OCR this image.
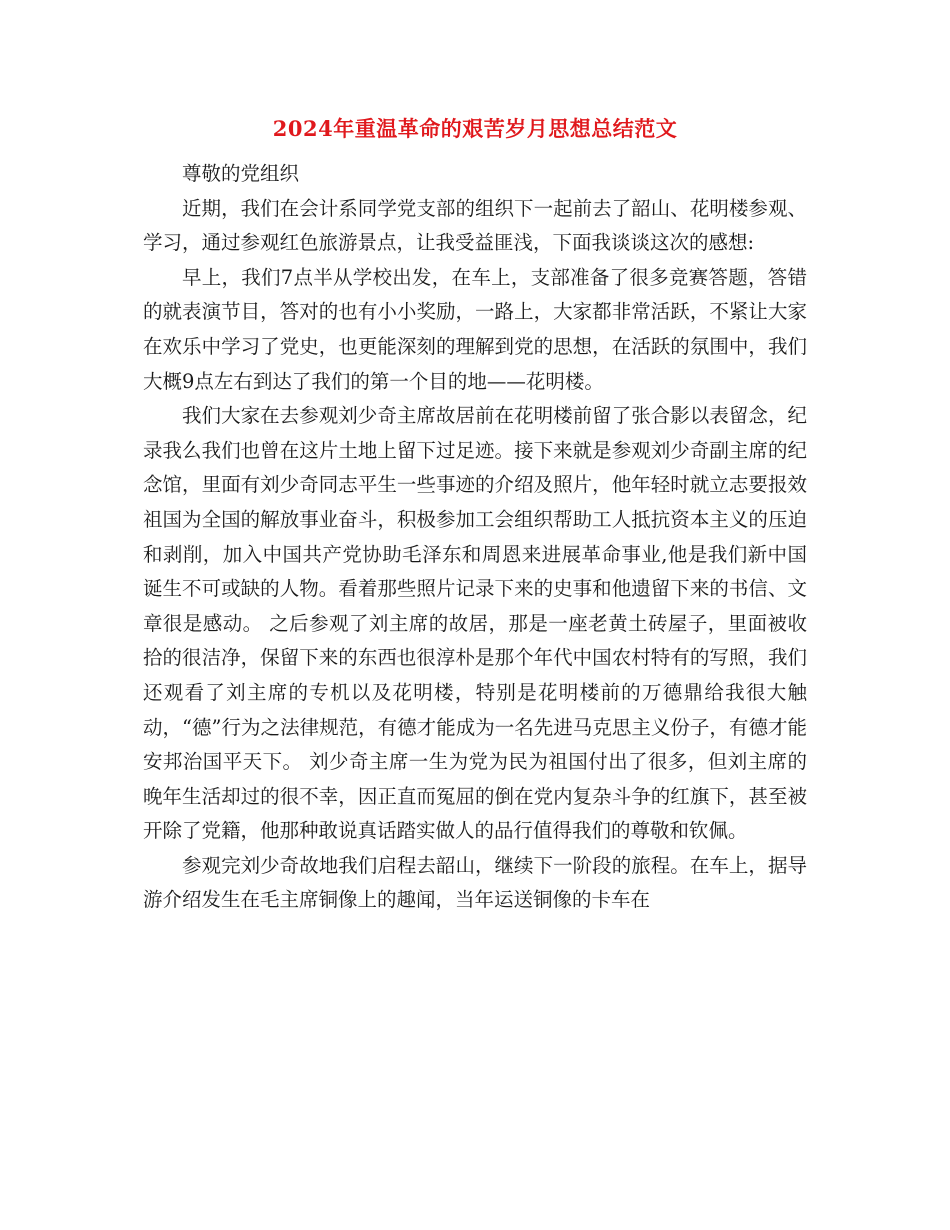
2024年重温革命的艰苦岁月思想总结范文

尊敬的党组织

近期，我们在会计系同学党支部的组织下一起前去了韶山、花明楼参观、学习，通过参观红色旅游景点，让我受益匪浅，下面我谈谈这次的感想:

早上，我们7点半从学校出发，在车上，支部准备了很多竞赛答题，答错的就表演节目，答对的也有小小奖励，一路上，大家都非常活跃，不紧让大家在欢乐中学习了党史，也更能深刻的理解到党的思想，在活跃的氛围中，我们大概9点左右到达了我们的第一个目的地——花明楼。

我们大家在去参观刘少奇主席故居前在花明楼前留了张合影以表留念，纪录我么我们也曾在这片土地上留下过足迹。接下来就是参观刘少奇副主席的纪念馆，里面有刘少奇同志平生一些事迹的介绍及照片，他年轻时就立志要报效祖国为全国的解放事业奋斗，积极参加工会组织帮助工人抵抗资本主义的压迫和剥削，加入中国共产党协助毛泽东和周恩来进展革命事业,他是我们新中国诞生不可或缺的人物。看着那些照片记录下来的史事和他遗留下来的书信、文章很是感动。 之后参观了刘主席的故居，那是一座老黄土砖屋子，里面被收拾的很洁净，保留下来的东西也很淳朴是那个年代中国农村特有的写照，我们还观看了刘主席的专机以及花明楼，特别是花明楼前的万德鼎给我很大触动，“德”行为之法律规范，有德才能成为一名先进马克思主义份子，有德才能安邦治国平天下。 刘少奇主席一生为党为民为祖国付出了很多，但刘主席的晚年生活却过的很不幸，因正直而冤屈的倒在党内复杂斗争的红旗下，甚至被开除了党籍，他那种敢说真话踏实做人的品行值得我们的尊敬和钦佩。

参观完刘少奇故地我们启程去韶山，继续下一阶段的旅程。在车上，据导游介绍发生在毛主席铜像上的趣闻，当年运送铜像的卡车在
